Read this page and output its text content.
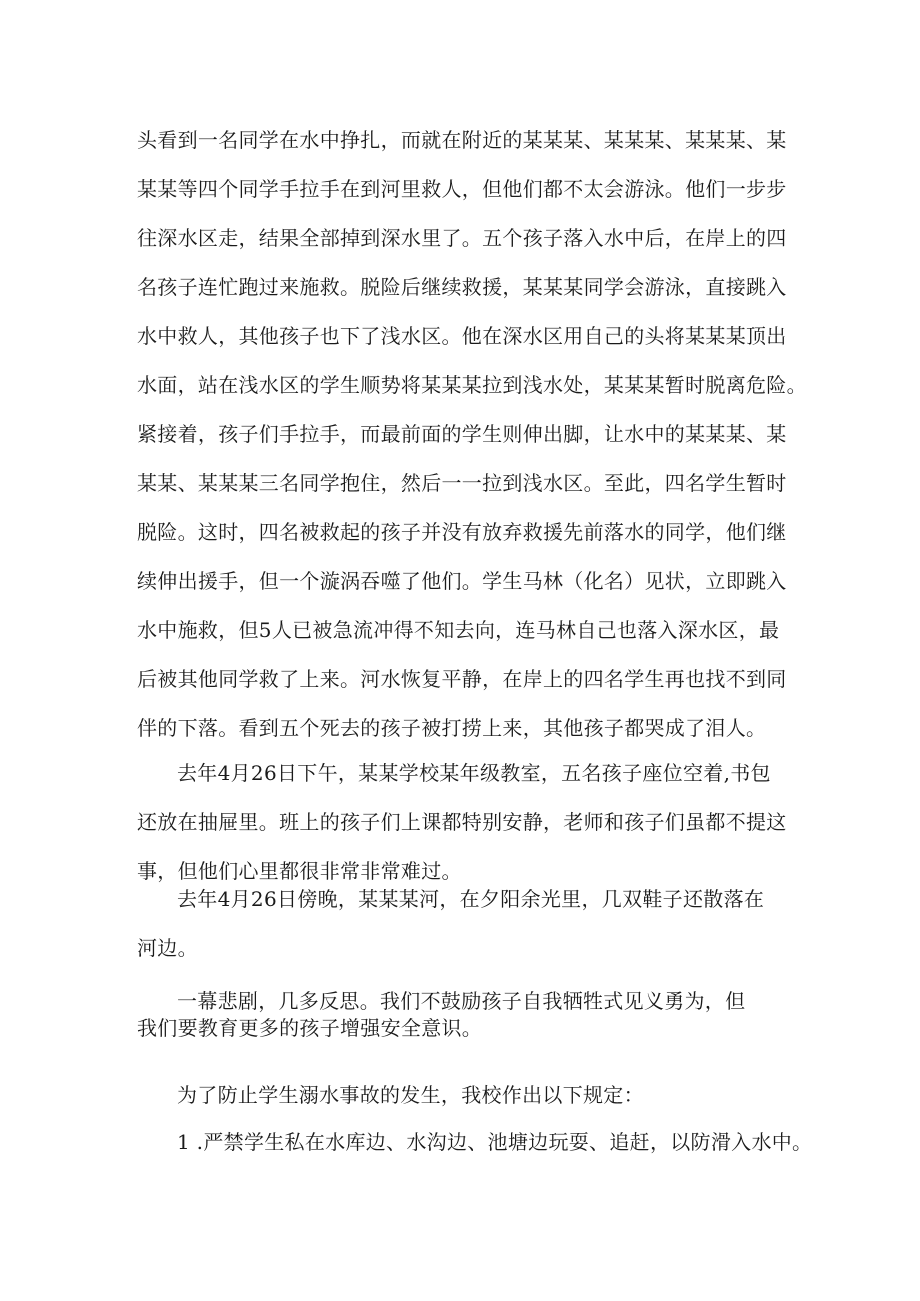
头看到一名同学在水中挣扎，而就在附近的某某某、某某某、某某某、某
某某等四个同学手拉手在到河里救人，但他们都不太会游泳。他们一步步
往深水区走，结果全部掉到深水里了。五个孩子落入水中后，在岸上的四
名孩子连忙跑过来施救。脱险后继续救援，某某某同学会游泳，直接跳入
水中救人，其他孩子也下了浅水区。他在深水区用自己的头将某某某顶出
水面，站在浅水区的学生顺势将某某某拉到浅水处，某某某暂时脱离危险。
紧接着，孩子们手拉手，而最前面的学生则伸出脚，让水中的某某某、某
某某、某某某三名同学抱住，然后一一拉到浅水区。至此，四名学生暂时
脱险。这时，四名被救起的孩子并没有放弃救援先前落水的同学，他们继
续伸出援手，但一个漩涡吞噬了他们。学生马林（化名）见状，立即跳入
水中施救，但5人已被急流冲得不知去向，连马林自己也落入深水区，最
后被其他同学救了上来。河水恢复平静，在岸上的四名学生再也找不到同
伴的下落。看到五个死去的孩子被打捞上来，其他孩子都哭成了泪人。
去年4月26日下午，某某学校某年级教室，五名孩子座位空着,书包
还放在抽屉里。班上的孩子们上课都特别安静，老师和孩子们虽都不提这
事，但他们心里都很非常非常难过。
去年4月26日傍晚，某某某河，在夕阳余光里，几双鞋子还散落在
河边。
一幕悲剧，几多反思。我们不鼓励孩子自我牺牲式见义勇为，但
我们要教育更多的孩子增强安全意识。
为了防止学生溺水事故的发生，我校作出以下规定：
1 .严禁学生私在水库边、水沟边、池塘边玩耍、追赶，以防滑入水中。
